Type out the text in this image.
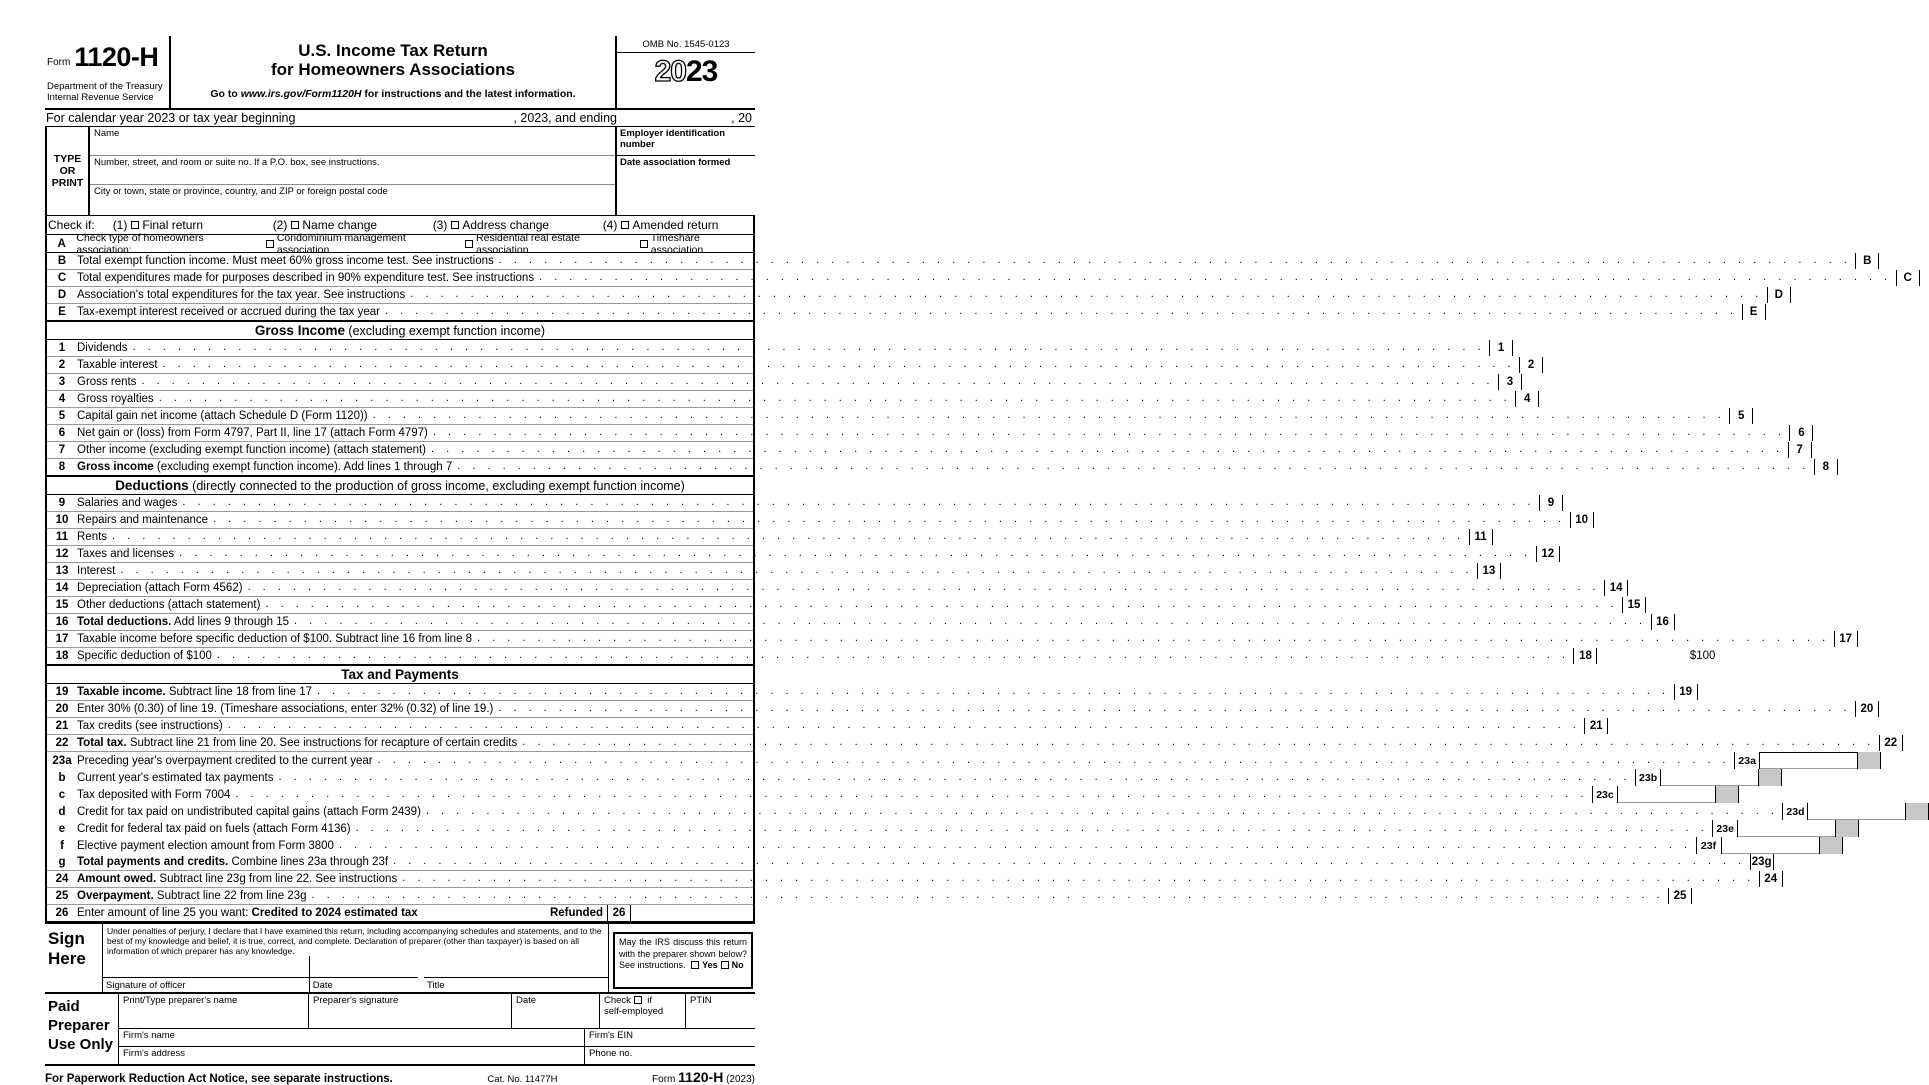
Form 1120-H
Department of the Treasury
Internal Revenue Service
U.S. Income Tax Return
for Homeowners Associations
Go to www.irs.gov/Form1120H for instructions and the latest information.
OMB No. 1545-0123
2023
For calendar year 2023 or tax year beginning	, 2023, and ending	, 20
TYPE
OR
PRINT
Name
Number, street, and room or suite no. If a P.O. box, see instructions.
City or town, state or province, country, and ZIP or foreign postal code
Employer identification number
Date association formed
Check if:	(1) Final return	(2) Name change	(3) Address change	(4) Amended return
A	Check type of homeowners association:
Condominium management association
Residential real estate association
Timeshare association
B Total exempt function income. Must meet 60% gross income test. See instructions . . . . . . . . . . . . . . . . . . . . . . . . . . . . . . . . . . . . . . . . . . . . . . . . . . . . . . . . . . . . . . . . . . . . . . . . . . . . . . . . . . . . . . . . . .	B
C Total expenditures made for purposes described in 90% expenditure test. See instructions . . . . . . . . . . . . . . . . . . . . . . . . . . . . . . . . . . . . . . . . . . . . . . . . . . . . . . . . . . . . . . . . . . . . . . . . . . . . . . . . . . . . . . . . . .	C
D Association's total expenditures for the tax year. See instructions . . . . . . . . . . . . . . . . . . . . . . . . . . . . . . . . . . . . . . . . . . . . . . . . . . . . . . . . . . . . . . . . . . . . . . . . . . . . . . . . . . . . . . . . . .	D
E Tax-exempt interest received or accrued during the tax year . . . . . . . . . . . . . . . . . . . . . . . . . . . . . . . . . . . . . . . . . . . . . . . . . . . . . . . . . . . . . . . . . . . . . . . . . . . . . . . . . . . . . . . . . .	E
Gross Income (excluding exempt function income)
1	Dividends . . . . . . . . . . . . . . . . . . . . . . . . . . . . . . . . . . . . . . . . . . . . . . . . . . . . . . . . . . . . . . . . . . . . . . . . . . . . . . . . . . . . . . . . . .	1
2	Taxable interest . . . . . . . . . . . . . . . . . . . . . . . . . . . . . . . . . . . . . . . . . . . . . . . . . . . . . . . . . . . . . . . . . . . . . . . . . . . . . . . . . . . . . . . . . .	2
3	Gross rents . . . . . . . . . . . . . . . . . . . . . . . . . . . . . . . . . . . . . . . . . . . . . . . . . . . . . . . . . . . . . . . . . . . . . . . . . . . . . . . . . . . . . . . . . .	3
4	Gross royalties . . . . . . . . . . . . . . . . . . . . . . . . . . . . . . . . . . . . . . . . . . . . . . . . . . . . . . . . . . . . . . . . . . . . . . . . . . . . . . . . . . . . . . . . . .	4
5	Capital gain net income (attach Schedule D (Form 1120)) . . . . . . . . . . . . . . . . . . . . . . . . . . . . . . . . . . . . . . . . . . . . . . . . . . . . . . . . . . . . . . . . . . . . . . . . . . . . . . . . . . . . . . . . . .	5
6	Net gain or (loss) from Form 4797, Part II, line 17 (attach Form 4797) . . . . . . . . . . . . . . . . . . . . . . . . . . . . . . . . . . . . . . . . . . . . . . . . . . . . . . . . . . . . . . . . . . . . . . . . . . . . . . . . . . . . . . . . . .	6
7	Other income (excluding exempt function income) (attach statement) . . . . . . . . . . . . . . . . . . . . . . . . . . . . . . . . . . . . . . . . . . . . . . . . . . . . . . . . . . . . . . . . . . . . . . . . . . . . . . . . . . . . . . . . . .	7
8	Gross income (excluding exempt function income). Add lines 1 through 7 . . . . . . . . . . . . . . . . . . . . . . . . . . . . . . . . . . . . . . . . . . . . . . . . . . . . . . . . . . . . . . . . . . . . . . . . . . . . . . . . . . . . . . . . . .	8
Deductions (directly connected to the production of gross income, excluding exempt function income)
9	Salaries and wages . . . . . . . . . . . . . . . . . . . . . . . . . . . . . . . . . . . . . . . . . . . . . . . . . . . . . . . . . . . . . . . . . . . . . . . . . . . . . . . . . . . . . . . . . .	9
10 Repairs and maintenance . . . . . . . . . . . . . . . . . . . . . . . . . . . . . . . . . . . . . . . . . . . . . . . . . . . . . . . . . . . . . . . . . . . . . . . . . . . . . . . . . . . . . . . . . . 10
11 Rents . . . . . . . . . . . . . . . . . . . . . . . . . . . . . . . . . . . . . . . . . . . . . . . . . . . . . . . . . . . . . . . . . . . . . . . . . . . . . . . . . . . . . . . . . . 11
12 Taxes and licenses . . . . . . . . . . . . . . . . . . . . . . . . . . . . . . . . . . . . . . . . . . . . . . . . . . . . . . . . . . . . . . . . . . . . . . . . . . . . . . . . . . . . . . . . . . 12
13 Interest . . . . . . . . . . . . . . . . . . . . . . . . . . . . . . . . . . . . . . . . . . . . . . . . . . . . . . . . . . . . . . . . . . . . . . . . . . . . . . . . . . . . . . . . . . 13
14 Depreciation (attach Form 4562) . . . . . . . . . . . . . . . . . . . . . . . . . . . . . . . . . . . . . . . . . . . . . . . . . . . . . . . . . . . . . . . . . . . . . . . . . . . . . . . . . . . . . . . . . . 14
15 Other deductions (attach statement) . . . . . . . . . . . . . . . . . . . . . . . . . . . . . . . . . . . . . . . . . . . . . . . . . . . . . . . . . . . . . . . . . . . . . . . . . . . . . . . . . . . . . . . . . . 15
16 Total deductions. Add lines 9 through 15 . . . . . . . . . . . . . . . . . . . . . . . . . . . . . . . . . . . . . . . . . . . . . . . . . . . . . . . . . . . . . . . . . . . . . . . . . . . . . . . . . . . . . . . . . . 16
17 Taxable income before specific deduction of $100. Subtract line 16 from line 8 . . . . . . . . . . . . . . . . . . . . . . . . . . . . . . . . . . . . . . . . . . . . . . . . . . . . . . . . . . . . . . . . . . . . . . . . . . . . . . . . . . . . . . . . . . 17
18 Specific deduction of $100 . . . . . . . . . . . . . . . . . . . . . . . . . . . . . . . . . . . . . . . . . . . . . . . . . . . . . . . . . . . . . . . . . . . . . . . . . . . . . . . . . . . . . . . . . . 18	$100
Tax and Payments
19 Taxable income. Subtract line 18 from line 17 . . . . . . . . . . . . . . . . . . . . . . . . . . . . . . . . . . . . . . . . . . . . . . . . . . . . . . . . . . . . . . . . . . . . . . . . . . . . . . . . . . . . . . . . . . 19
20 Enter 30% (0.30) of line 19. (Timeshare associations, enter 32% (0.32) of line 19.) . . . . . . . . . . . . . . . . . . . . . . . . . . . . . . . . . . . . . . . . . . . . . . . . . . . . . . . . . . . . . . . . . . . . . . . . . . . . . . . . . . . . . . . . . . 20
21 Tax credits (see instructions) . . . . . . . . . . . . . . . . . . . . . . . . . . . . . . . . . . . . . . . . . . . . . . . . . . . . . . . . . . . . . . . . . . . . . . . . . . . . . . . . . . . . . . . . . . 21
22 Total tax. Subtract line 21 from line 20. See instructions for recapture of certain credits . . . . . . . . . . . . . . . . . . . . . . . . . . . . . . . . . . . . . . . . . . . . . . . . . . . . . . . . . . . . . . . . . . . . . . . . . . . . . . . . . . . . . . . . . . 22
23a Preceding year's overpayment credited to the current year . . . . . . . . . . . . . . . . . . . . . . . . . . . . . . . . . . . . . . . . . . . . . . . . . . . . . . . . . . . . . . . . . . . . . . . . . . . . . . . . . . . . . . . . . . 23a
b Current year's estimated tax payments . . . . . . . . . . . . . . . . . . . . . . . . . . . . . . . . . . . . . . . . . . . . . . . . . . . . . . . . . . . . . . . . . . . . . . . . . . . . . . . . . . . . . . . . . . 23b
c	Tax deposited with Form 7004 . . . . . . . . . . . . . . . . . . . . . . . . . . . . . . . . . . . . . . . . . . . . . . . . . . . . . . . . . . . . . . . . . . . . . . . . . . . . . . . . . . . . . . . . . . 23c
d Credit for tax paid on undistributed capital gains (attach Form 2439) . . . . . . . . . . . . . . . . . . . . . . . . . . . . . . . . . . . . . . . . . . . . . . . . . . . . . . . . . . . . . . . . . . . . . . . . . . . . . . . . . . . . . . . . . . 23d
e	Credit for federal tax paid on fuels (attach Form 4136) . . . . . . . . . . . . . . . . . . . . . . . . . . . . . . . . . . . . . . . . . . . . . . . . . . . . . . . . . . . . . . . . . . . . . . . . . . . . . . . . . . . . . . . . . . 23e
f	Elective payment election amount from Form 3800 . . . . . . . . . . . . . . . . . . . . . . . . . . . . . . . . . . . . . . . . . . . . . . . . . . . . . . . . . . . . . . . . . . . . . . . . . . . . . . . . . . . . . . . . . . 23f
g Total payments and credits. Combine lines 23a through 23f . . . . . . . . . . . . . . . . . . . . . . . . . . . . . . . . . . . . . . . . . . . . . . . . . . . . . . . . . . . . . . . . . . . . . . . . . . . . . . . . . . . . . . . . . . 23g
24 Amount owed. Subtract line 23g from line 22. See instructions . . . . . . . . . . . . . . . . . . . . . . . . . . . . . . . . . . . . . . . . . . . . . . . . . . . . . . . . . . . . . . . . . . . . . . . . . . . . . . . . . . . . . . . . . . 24
25 Overpayment. Subtract line 22 from line 23g . . . . . . . . . . . . . . . . . . . . . . . . . . . . . . . . . . . . . . . . . . . . . . . . . . . . . . . . . . . . . . . . . . . . . . . . . . . . . . . . . . . . . . . . . . 25
26 Enter amount of line 25 you want: Credited to 2024 estimated tax	Refunded 26
Sign
Here
Under penalties of perjury, I declare that I have examined this return, including accompanying schedules and statements, and to the best of my knowledge and belief, it is true, correct, and complete. Declaration of preparer (other than taxpayer) is based on all information of which preparer has any knowledge.
Signature of officer	Date	Title
May the IRS discuss this return with the preparer shown below? See instructions. Yes No
Paid
Preparer
Use Only
Print/Type preparer's name	Preparer's signature	Date	Check if
self-employed
PTIN
Firm's name	Firm's EIN
Firm's address	Phone no.
For Paperwork Reduction Act Notice, see separate instructions.	Cat. No. 11477H	Form 1120-H (2023)
